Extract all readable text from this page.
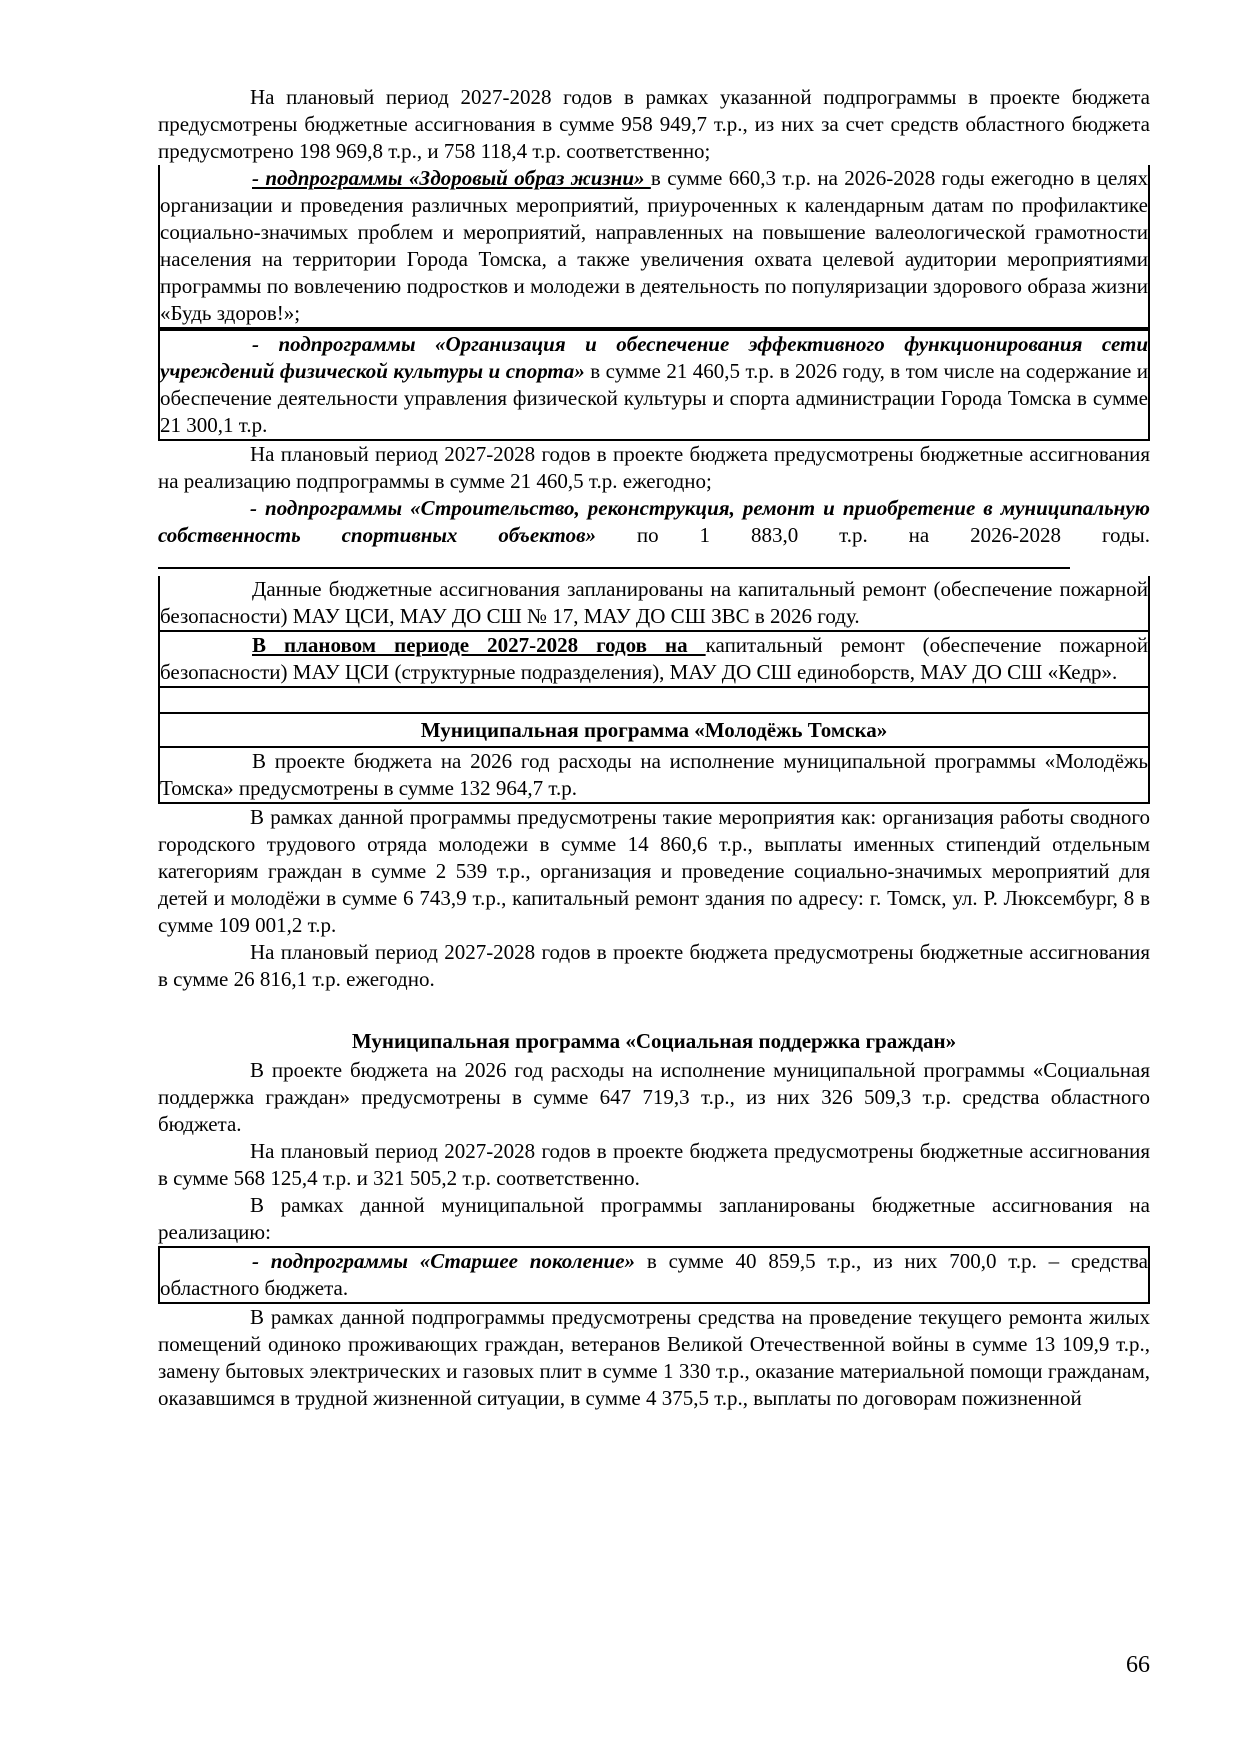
На плановый период 2027-2028 годов в рамках указанной подпрограммы в проекте бюджета предусмотрены бюджетные ассигнования в сумме 958 949,7 т.р., из них за счет средств областного бюджета предусмотрено 198 969,8 т.р., и 758 118,4 т.р. соответственно;
- подпрограммы «Здоровый образ жизни» в сумме 660,3 т.р. на 2026-2028 годы ежегодно в целях организации и проведения различных мероприятий, приуроченных к календарным датам по профилактике социально-значимых проблем и мероприятий, направленных на повышение валеологической грамотности населения на территории Города Томска, а также увеличения охвата целевой аудитории мероприятиями программы по вовлечению подростков и молодежи в деятельность по популяризации здорового образа жизни «Будь здоров!»;
- подпрограммы «Организация и обеспечение эффективного функционирования сети учреждений физической культуры и спорта» в сумме 21 460,5 т.р. в 2026 году, в том числе на содержание и обеспечение деятельности управления физической культуры и спорта администрации Города Томска в сумме 21 300,1 т.р.
На плановый период 2027-2028 годов в проекте бюджета предусмотрены бюджетные ассигнования на реализацию подпрограммы в сумме 21 460,5 т.р. ежегодно;
- подпрограммы «Строительство, реконструкция, ремонт и приобретение в муниципальную собственность спортивных объектов» по 1 883,0 т.р. на 2026-2028 годы.
Данные бюджетные ассигнования запланированы на капитальный ремонт (обеспечение пожарной безопасности) МАУ ЦСИ, МАУ ДО СШ № 17, МАУ ДО СШ ЗВС в 2026 году.
В плановом периоде 2027-2028 годов на капитальный ремонт (обеспечение пожарной безопасности) МАУ ЦСИ (структурные подразделения), МАУ ДО СШ единоборств, МАУ ДО СШ «Кедр».
Муниципальная программа «Молодёжь Томска»
В проекте бюджета на 2026 год расходы на исполнение муниципальной программы «Молодёжь Томска» предусмотрены в сумме 132 964,7 т.р.
В рамках данной программы предусмотрены такие мероприятия как: организация работы сводного городского трудового отряда молодежи в сумме 14 860,6 т.р., выплаты именных стипендий отдельным категориям граждан в сумме 2 539 т.р., организация и проведение социально-значимых мероприятий для детей и молодёжи в сумме 6 743,9 т.р., капитальный ремонт здания по адресу: г. Томск, ул. Р. Люксембург, 8 в сумме 109 001,2 т.р.
На плановый период 2027-2028 годов в проекте бюджета предусмотрены бюджетные ассигнования в сумме 26 816,1 т.р. ежегодно.
Муниципальная программа «Социальная поддержка граждан»
В проекте бюджета на 2026 год расходы на исполнение муниципальной программы «Социальная поддержка граждан» предусмотрены в сумме 647 719,3 т.р., из них 326 509,3 т.р. средства областного бюджета.
На плановый период 2027-2028 годов в проекте бюджета предусмотрены бюджетные ассигнования в сумме 568 125,4 т.р. и 321 505,2 т.р. соответственно.
В рамках данной муниципальной программы запланированы бюджетные ассигнования на реализацию:
- подпрограммы «Старшее поколение» в сумме 40 859,5 т.р., из них 700,0 т.р. – средства областного бюджета.
В рамках данной подпрограммы предусмотрены средства на проведение текущего ремонта жилых помещений одиноко проживающих граждан, ветеранов Великой Отечественной войны в сумме 13 109,9 т.р., замену бытовых электрических и газовых плит в сумме 1 330 т.р., оказание материальной помощи гражданам, оказавшимся в трудной жизненной ситуации, в сумме 4 375,5 т.р., выплаты по договорам пожизненной
66
